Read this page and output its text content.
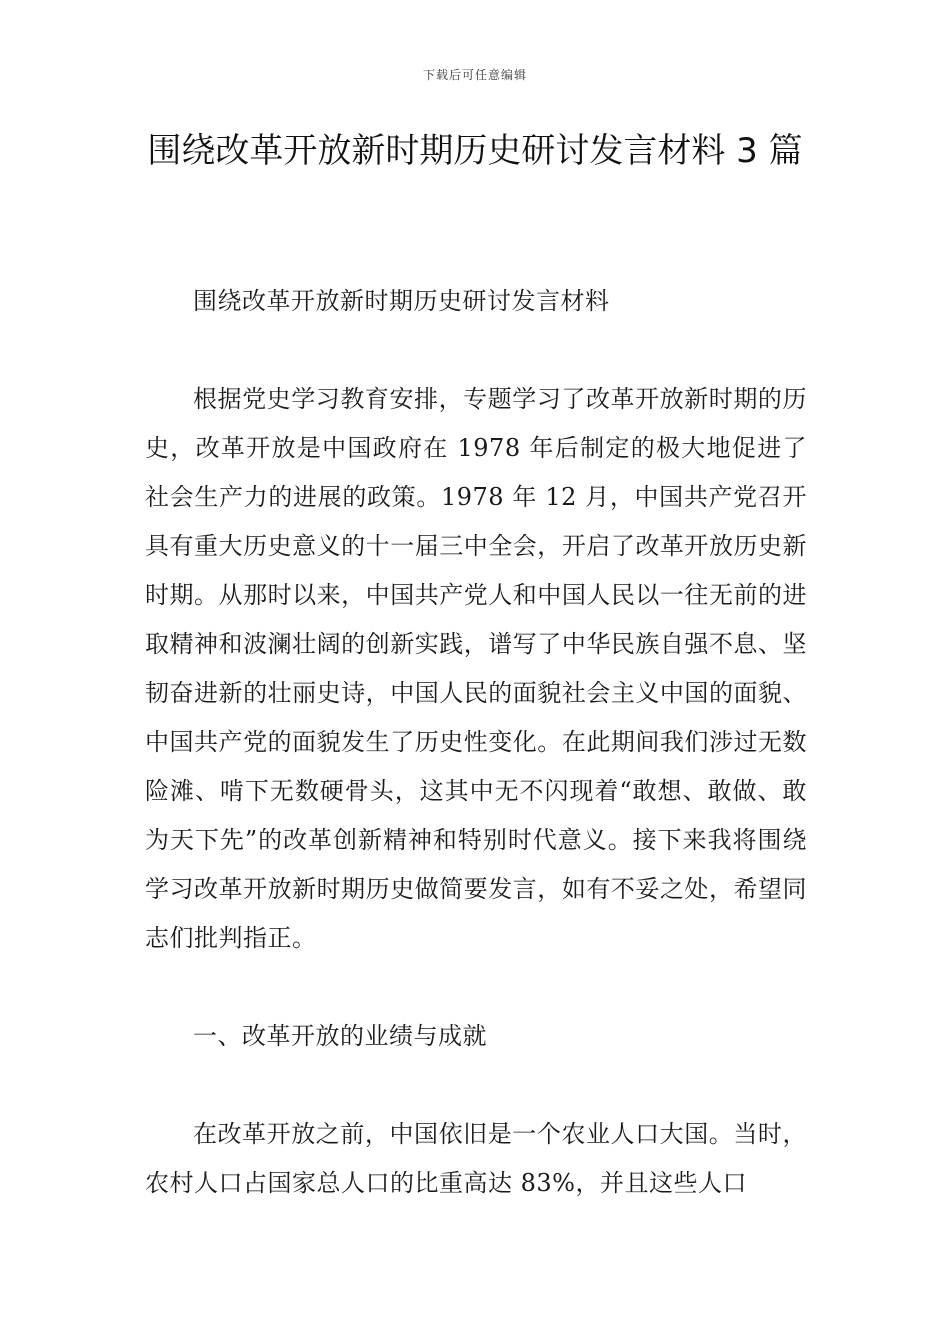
下载后可任意编辑
围绕改革开放新时期历史研讨发言材料 3 篇

围绕改革开放新时期历史研讨发言材料

根据党史学习教育安排，专题学习了改革开放新时期的历史，改革开放是中国政府在 1978 年后制定的极大地促进了社会生产力的进展的政策。1978 年 12 月，中国共产党召开具有重大历史意义的十一届三中全会，开启了改革开放历史新时期。从那时以来，中国共产党人和中国人民以一往无前的进取精神和波澜壮阔的创新实践，谱写了中华民族自强不息、坚韧奋进新的壮丽史诗，中国人民的面貌社会主义中国的面貌、中国共产党的面貌发生了历史性变化。在此期间我们涉过无数险滩、啃下无数硬骨头，这其中无不闪现着“敢想、敢做、敢为天下先”的改革创新精神和特别时代意义。接下来我将围绕学习改革开放新时期历史做简要发言，如有不妥之处，希望同志们批判指正。

一、改革开放的业绩与成就

在改革开放之前，中国依旧是一个农业人口大国。当时，农村人口占国家总人口的比重高达 83%，并且这些人口
